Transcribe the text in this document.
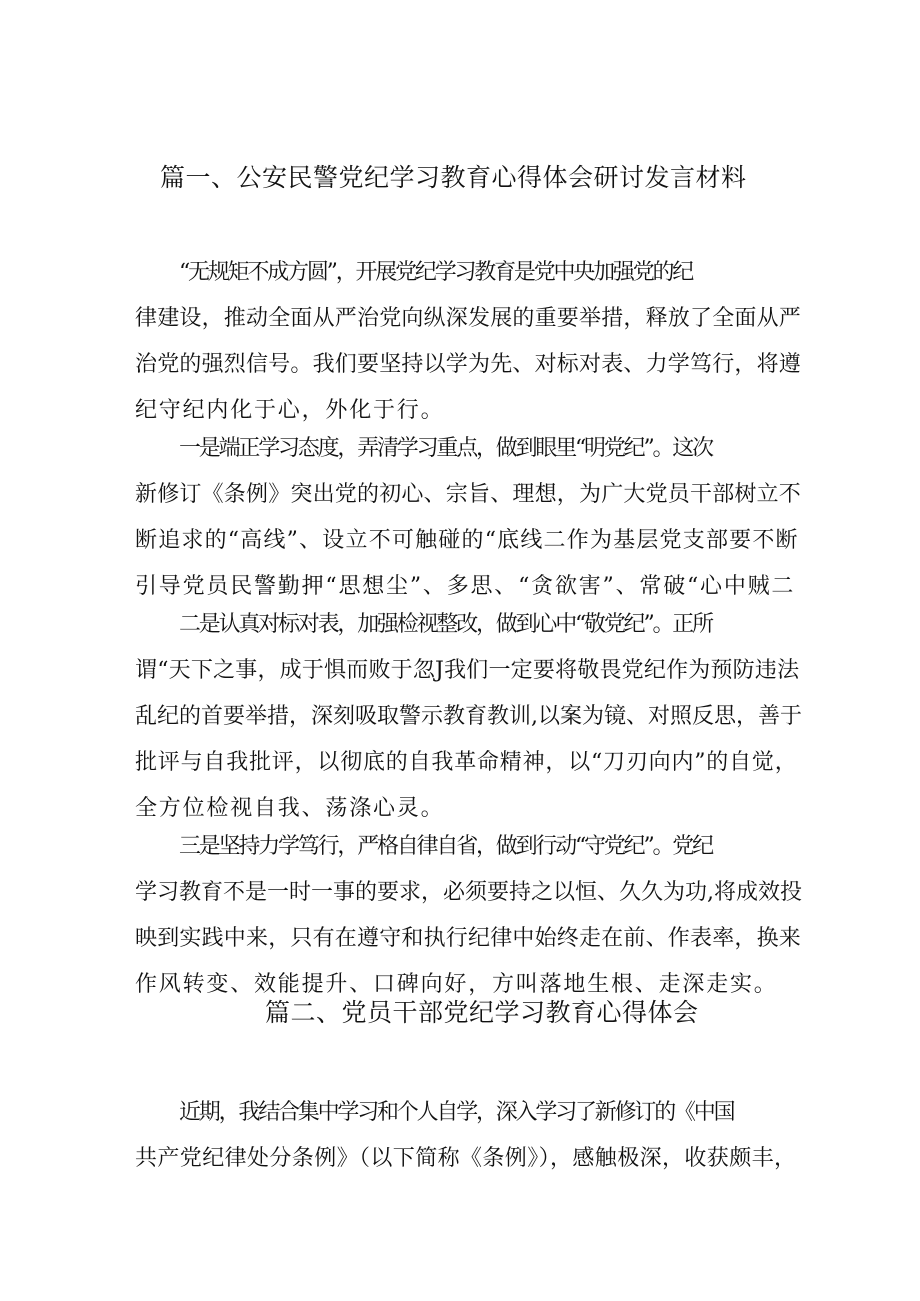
篇一、公安民警党纪学习教育心得体会研讨发言材料
“无规矩不成方圆”，开展党纪学习教育是党中央加强党的纪
律建设，推动全面从严治党向纵深发展的重要举措，释放了全面从严
治党的强烈信号。我们要坚持以学为先、对标对表、力学笃行，将遵
纪守纪内化于心，外化于行。
一是端正学习态度，弄清学习重点，做到眼里“明党纪”。这次
新修订《条例》突出党的初心、宗旨、理想，为广大党员干部树立不
断追求的“高线”、设立不可触碰的“底线二作为基层党支部要不断
引导党员民警勤押“思想尘”、多思、“贪欲害”、常破“心中贼二
二是认真对标对表，加强检视整改，做到心中“敬党纪”。正所
谓“天下之事，成于惧而败于忽J我们一定要将敬畏党纪作为预防违法
乱纪的首要举措，深刻吸取警示教育教训,以案为镜、对照反思，善于
批评与自我批评，以彻底的自我革命精神，以“刀刃向内”的自觉，
全方位检视自我、荡涤心灵。
三是坚持力学笃行，严格自律自省，做到行动“守党纪”。党纪
学习教育不是一时一事的要求，必须要持之以恒、久久为功,将成效投
映到实践中来，只有在遵守和执行纪律中始终走在前、作表率，换来
作风转变、效能提升、口碑向好，方叫落地生根、走深走实。
篇二、党员干部党纪学习教育心得体会
近期，我结合集中学习和个人自学，深入学习了新修订的《中国
共产党纪律处分条例》（以下简称《条例》），感触极深，收获颇丰，
